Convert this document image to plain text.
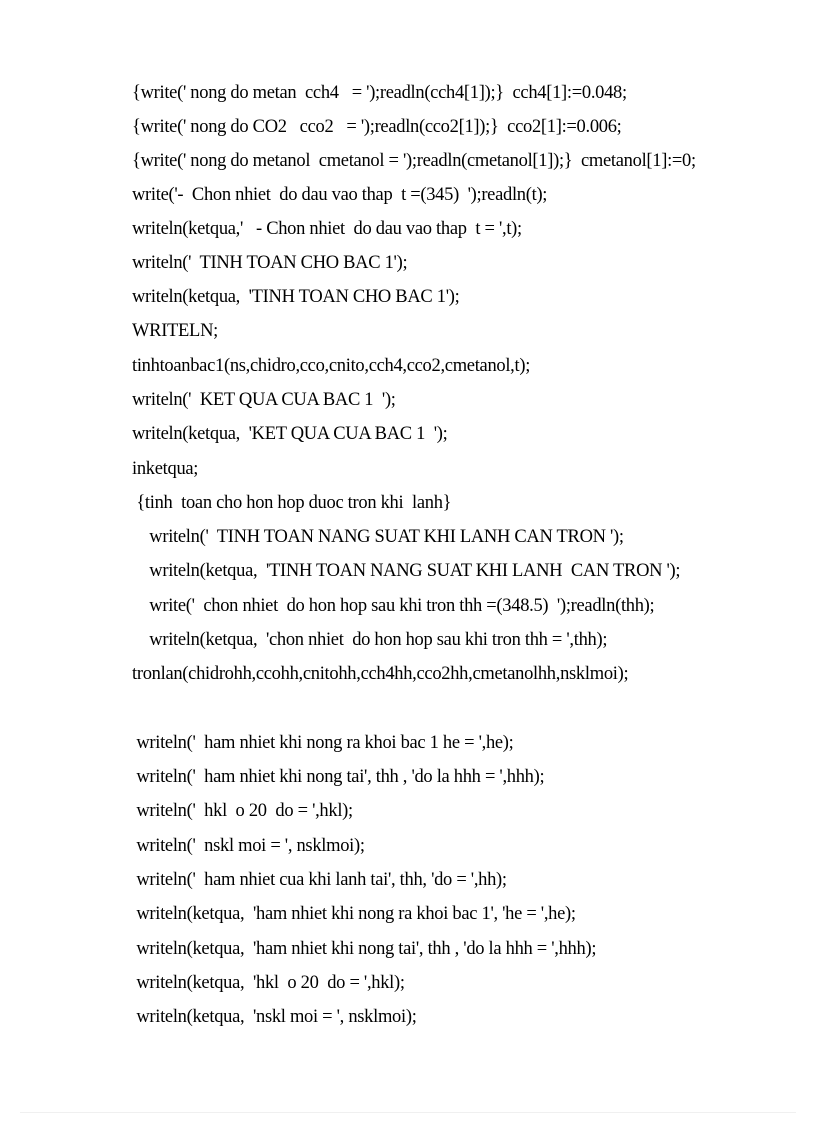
{write(' nong do metan  cch4   = ');readln(cch4[1]);}  cch4[1]:=0.048;
{write(' nong do CO2   cco2   = ');readln(cco2[1]);}  cco2[1]:=0.006;
{write(' nong do metanol  cmetanol = ');readln(cmetanol[1]);}  cmetanol[1]:=0;
write('-  Chon nhiet  do dau vao thap  t =(345)  ');readln(t);
writeln(ketqua,'   - Chon nhiet  do dau vao thap  t = ',t);
writeln('  TINH TOAN CHO BAC 1');
writeln(ketqua,  'TINH TOAN CHO BAC 1');
WRITELN;
tinhtoanbac1(ns,chidro,cco,cnito,cch4,cco2,cmetanol,t);
writeln('  KET QUA CUA BAC 1  ');
writeln(ketqua,  'KET QUA CUA BAC 1  ');
inketqua;
{tinh  toan cho hon hop duoc tron khi  lanh}
writeln('  TINH TOAN NANG SUAT KHI LANH CAN TRON ');
writeln(ketqua,  'TINH TOAN NANG SUAT KHI LANH  CAN TRON ');
write('  chon nhiet  do hon hop sau khi tron thh =(348.5)  ');readln(thh);
writeln(ketqua,  'chon nhiet  do hon hop sau khi tron thh = ',thh);
tronlan(chidrohh,ccohh,cnitohh,cch4hh,cco2hh,cmetanolhh,nsklmoi);
writeln('  ham nhiet khi nong ra khoi bac 1 he = ',he);
writeln('  ham nhiet khi nong tai', thh , 'do la hhh = ',hhh);
writeln('  hkl  o 20  do = ',hkl);
writeln('  nskl moi = ', nsklmoi);
writeln('  ham nhiet cua khi lanh tai', thh, 'do = ',hh);
writeln(ketqua,  'ham nhiet khi nong ra khoi bac 1', 'he = ',he);
writeln(ketqua,  'ham nhiet khi nong tai', thh , 'do la hhh = ',hhh);
writeln(ketqua,  'hkl  o 20  do = ',hkl);
writeln(ketqua,  'nskl moi = ', nsklmoi);
